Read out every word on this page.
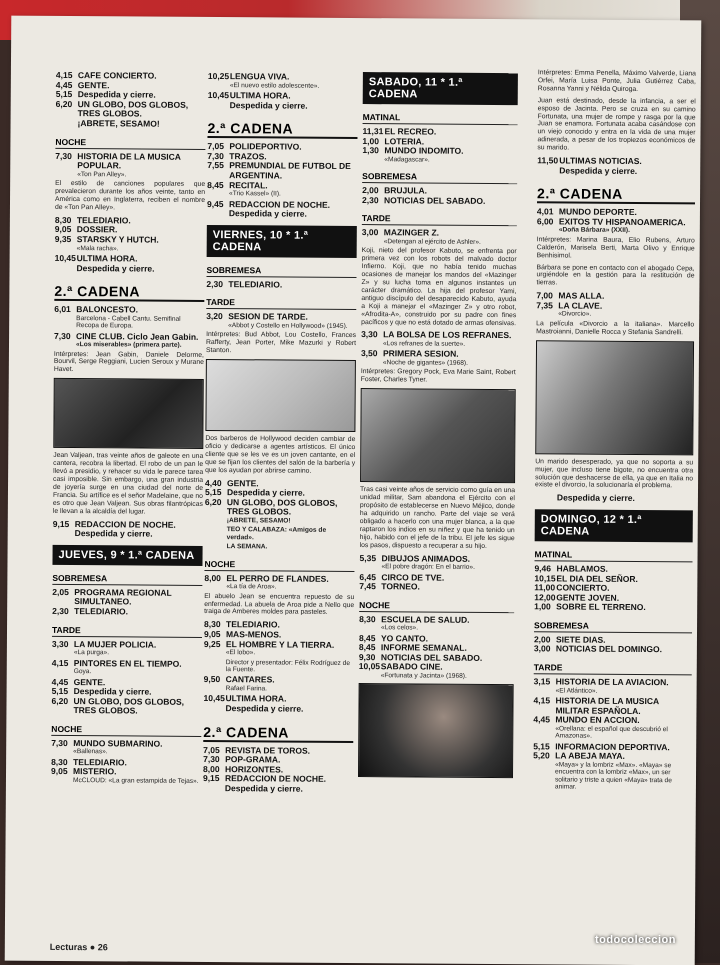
4,15 CAFE CONCIERTO.
4,45 GENTE.
5,15 Despedida y cierre.
6,20 UN GLOBO, DOS GLOBOS, TRES GLOBOS.
¡ABRETE, SESAMO!
NOCHE
7,30 HISTORIA DE LA MUSICA POPULAR.
«Ton Pan Alley».
El estilo de canciones populares que prevalecieron durante los años veinte, tanto en América como en Inglaterra, reciben el nombre de «Ton Pan Alley».
8,30 TELEDIARIO.
9,05 DOSSIER.
9,35 STARSKY Y HUTCH.
«Mala racha».
10,45 ULTIMA HORA.
Despedida y cierre.
2.ª CADENA
6,01 BALONCESTO.
Barcelona - Cabell Cantu. Semifinal Recopa de Europa.
7,30 CINE CLUB. Ciclo Jean Gabin.
«Los miserables» (primera parte).
Intérpretes: Jean Gabin, Daniele Delorme, Bourvil, Serge Reggiani, Lucien Seroux y Murane Havet.
Jean Valjean, tras veinte años de galeote en una cantera, recobra la libertad. El robo de un pan le llevó a presidio, y rehacer su vida le parece tarea casi imposible. Sin embargo, una gran industria de joyería surge en una ciudad del norte de Francia. Su artífice es el señor Madelaine, que no es otro que Jean Valjean. Sus obras filantrópicas le llevan a la alcaldía del lugar.
9,15 REDACCION DE NOCHE.
Despedida y cierre.
JUEVES, 9 * 1.ª CADENA
SOBREMESA
2,05 PROGRAMA REGIONAL SIMULTANEO.
2,30 TELEDIARIO.
TARDE
3,30 LA MUJER POLICIA.
«La purga».
4,15 PINTORES EN EL TIEMPO.
Goya.
4,45 GENTE.
5,15 Despedida y cierre.
6,20 UN GLOBO, DOS GLOBOS, TRES GLOBOS.
NOCHE
7,30 MUNDO SUBMARINO.
«Ballenas».
8,30 TELEDIARIO.
9,05 MISTERIO.
McCLOUD: «La gran estampida de Tejas».
10,25 LENGUA VIVA.
«El nuevo estilo adolescente».
10,45 ULTIMA HORA.
Despedida y cierre.
2.ª CADENA
7,05 POLIDEPORTIVO.
7,30 TRAZOS.
7,55 PREMUNDIAL DE FUTBOL DE ARGENTINA.
8,45 RECITAL.
«Trio Kassel» (II).
9,45 REDACCION DE NOCHE.
Despedida y cierre.
VIERNES, 10 * 1.ª CADENA
SOBREMESA
2,30 TELEDIARIO.
TARDE
3,20 SESION DE TARDE.
«Abbot y Costello en Hollywood» (1945).
Intérpretes: Bud Abbot, Lou Costello, Frances Rafferty, Jean Porter, Mike Mazurki y Robert Stanton.
Dos barberos de Hollywood deciden cambiar de oficio y dedicarse a agentes artísticos. El único cliente que se les ve es un joven cantante, en el que se fijan los clientes del salón de la barbería y que los ayudan por abrirse camino.
4,40 GENTE.
5,15 Despedida y cierre.
6,20 UN GLOBO, DOS GLOBOS, TRES GLOBOS.
¡ABRETE, SESAMO!
TEO Y CALABAZA: «Amigos de verdad».
LA SEMANA.
NOCHE
8,00 EL PERRO DE FLANDES.
«La tía de Aroa».
El abuelo Jean se encuentra repuesto de su enfermedad. La abuela de Aroa pide a Nello que traiga de Amberes moldes para pasteles.
8,30 TELEDIARIO.
9,05 MAS-MENOS.
9,25 EL HOMBRE Y LA TIERRA.
«El lobo».
Director y presentador: Félix Rodríguez de la Fuente.
9,50 CANTARES.
Rafael Farina.
10,45 ULTIMA HORA.
Despedida y cierre.
2.ª CADENA
7,05 REVISTA DE TOROS.
7,30 POP-GRAMA.
8,00 HORIZONTES.
9,15 REDACCION DE NOCHE.
Despedida y cierre.
SABADO, 11 * 1.ª CADENA
MATINAL
11,31 EL RECREO.
1,00 LOTERIA.
1,30 MUNDO INDOMITO.
«Madagascar».
SOBREMESA
2,00 BRUJULA.
2,30 NOTICIAS DEL SABADO.
TARDE
3,00 MAZINGER Z.
«Detengan al ejército de Ashler».
Koji, nieto del profesor Kabuto, se enfrenta por primera vez con los robots del malvado doctor Infierno. Koji, que no había tenido muchas ocasiones de manejar los mandos del «Mazinger Z» y su lucha toma en algunos instantes un carácter dramático. La hija del profesor Yami, antiguo discípulo del desaparecido Kabuto, ayuda a Koji a manejar el «Mazinger Z» y otro robot, «Afrodita-A», construido por su padre con fines pacíficos y que no está dotado de armas ofensivas.
3,30 LA BOLSA DE LOS REFRANES.
«Los refranes de la suerte».
3,50 PRIMERA SESION.
«Noche de gigantes» (1968).
Intérpretes: Gregory Pock, Eva Marie Saint, Robert Foster, Charles Tyner.
Tras casi veinte años de servicio como guía en una unidad militar, Sam abandona el Ejército con el propósito de establecerse en Nuevo Méjico, donde ha adquirido un rancho. Parte del viaje se verá obligado a hacerlo con una mujer blanca, a la que raptaron los indios en su niñez y que ha tenido un hijo, habido con el jefe de la tribu. El jefe les sigue los pasos, dispuesto a recuperar a su hijo.
5,35 DIBUJOS ANIMADOS.
«El pobre dragón: En el barrio».
6,45 CIRCO DE TVE.
7,45 TORNEO.
NOCHE
8,30 ESCUELA DE SALUD.
«Los celos».
8,45 YO CANTO.
8,45 INFORME SEMANAL.
9,30 NOTICIAS DEL SABADO.
10,05 SABADO CINE.
«Fortunata y Jacinta» (1968).
Intérpretes: Emma Penella, Máximo Valverde, Liana Orfei, María Luisa Ponte, Julia Gutiérrez Caba, Rosanna Yanni y Nélida Quiroga.
Juan está destinado, desde la infancia, a ser el esposo de Jacinta. Pero se cruza en su camino Fortunata, una mujer de rompe y rasga por la que Juan se enamora. Fortunata acaba casándose con un viejo conocido y entra en la vida de una mujer adinerada, a pesar de los tropiezos económicos de su marido.
11,50 ULTIMAS NOTICIAS.
Despedida y cierre.
2.ª CADENA
4,01 MUNDO DEPORTE.
6,00 EXITOS TV HISPANOAMERICA.
«Doña Bárbara» (XXII).
Intérpretes: Marina Baura, Elio Rubens, Arturo Calderón, Marisela Berti, Marta Olivo y Enrique Benhisimol.
Bárbara se pone en contacto con el abogado Cepa, urgiéndole en la gestión para la restitución de tierras.
7,00 MAS ALLA.
7,35 LA CLAVE.
«Divorcio».
La película «Divorcio a la italiana». Marcello Mastroianni, Danielle Rocca y Stefania Sandrelli.
Un marido desesperado, ya que no soporta a su mujer, que incluso tiene bigote, no encuentra otra solución que deshacerse de ella, ya que en Italia no existe el divorcio, la solucionaría el problema.
Despedida y cierre.
DOMINGO, 12 * 1.ª CADENA
MATINAL
9,46 HABLAMOS.
10,15 EL DIA DEL SEÑOR.
11,00 CONCIERTO.
12,00 GENTE JOVEN.
1,00 SOBRE EL TERRENO.
SOBREMESA
2,00 SIETE DIAS.
3,00 NOTICIAS DEL DOMINGO.
TARDE
3,15 HISTORIA DE LA AVIACION.
«El Atlántico».
4,15 HISTORIA DE LA MUSICA MILITAR ESPAÑOLA.
4,45 MUNDO EN ACCION.
«Orellana: el español que descubrió el Amazonas».
5,15 INFORMACION DEPORTIVA.
5,20 LA ABEJA MAYA.
«Maya» y la lombriz «Max». «Maya» se encuentra con la lombriz «Max», un ser solitario y triste a quien «Maya» trata de animar.
Lecturas ● 26
todocoleccion
